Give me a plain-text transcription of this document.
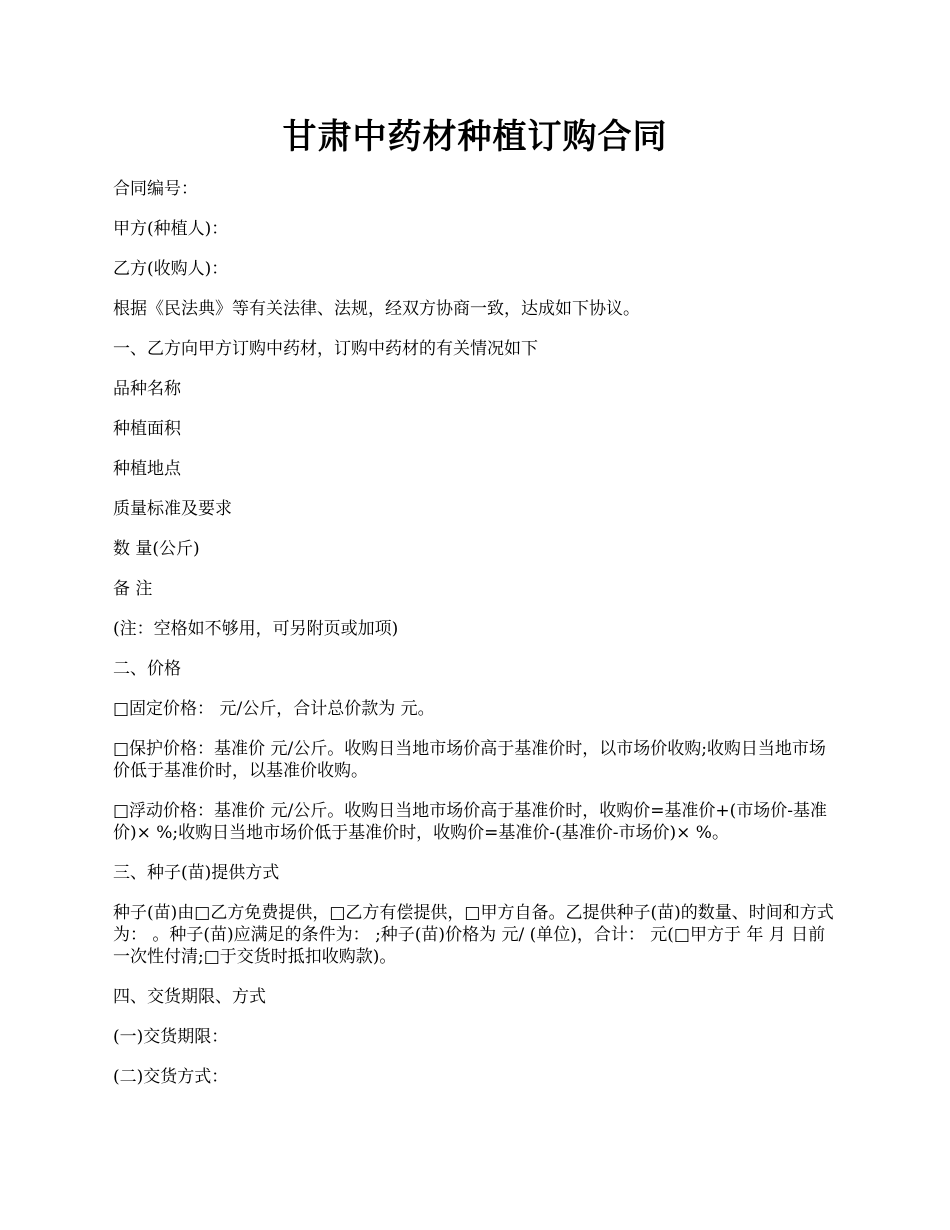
甘肃中药材种植订购合同

合同编号：

甲方(种植人)：

乙方(收购人)：

根据《民法典》等有关法律、法规，经双方协商一致，达成如下协议。

一、乙方向甲方订购中药材，订购中药材的有关情况如下

品种名称

种植面积

种植地点

质量标准及要求

数 量(公斤)

备 注

(注：空格如不够用，可另附页或加项)

二、价格

□固定价格： 元/公斤，合计总价款为 元。

□保护价格：基准价 元/公斤。收购日当地市场价高于基准价时，以市场价收购;收购日当地市场价低于基准价时，以基准价收购。

□浮动价格：基准价 元/公斤。收购日当地市场价高于基准价时，收购价=基准价+(市场价-基准价)× %;收购日当地市场价低于基准价时，收购价=基准价-(基准价-市场价)× %。

三、种子(苗)提供方式

种子(苗)由□乙方免费提供，□乙方有偿提供，□甲方自备。乙提供种子(苗)的数量、时间和方式为： 。种子(苗)应满足的条件为： ;种子(苗)价格为 元/ (单位)，合计： 元(□甲方于 年 月 日前一次性付清;□于交货时抵扣收购款)。

四、交货期限、方式

(一)交货期限：

(二)交货方式：
